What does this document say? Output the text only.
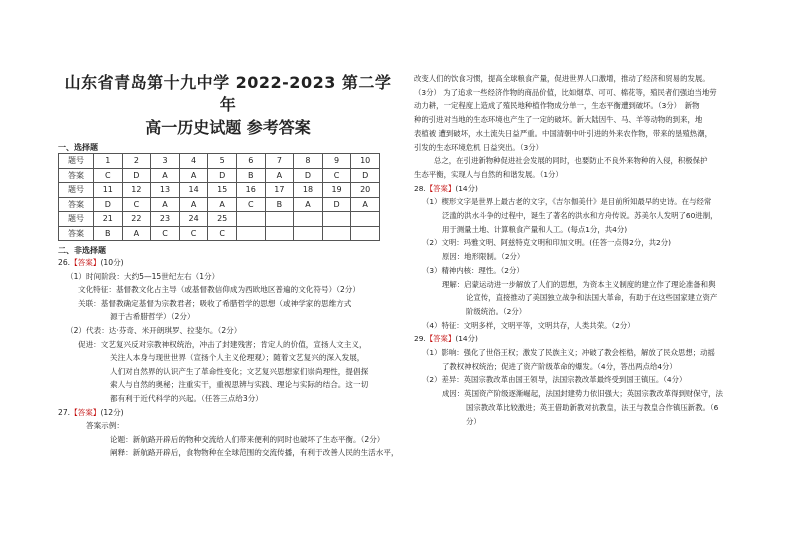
山东省青岛第十九中学 2022-2023 第二学年
高一历史试题 参考答案
一、选择题
题号	1	2	3	4	5	6	7	8	9	10
答案	C	D	A	A	D	B	A	D	C	D
题号	11	12	13	14	15	16	17	18	19	20
答案	D	C	A	A	A	C	B	A	D	A
题号	21	22	23	24	25					
答案	B	A	C	C	C					
二、非选择题
26.【答案】(10分)
（1）时间阶段：大约5—15世纪左右（1分）
文化特征：基督教文化占主导（或基督教信仰成为西欧地区普遍的文化符号）（2分）
关联：基督教确定基督为宗教君者；吸收了希腊哲学的思想（或神学家的思维方式
源于古希腊哲学）（2分）
（2）代表：达·芬奇、米开朗琪罗、拉斐尔。（2分）
促进：文艺复兴反对宗教神权统治，冲击了封建残害；肯定人的价值，宣扬人文主义，
关注人本身与现世世界（宣扬个人主义伦理观）；随着文艺复兴的深入发展，
人们对自然界的认识产生了革命性变化；文艺复兴思想家们崇尚理性，提倡探
索人与自然的奥秘；注重实干，重视思辨与实践、理论与实际的结合。这一切
都有利于近代科学的兴起。（任答三点给3分）
27.【答案】(12分)
答案示例：
论题：新航路开辟后的物种交流给人们带来便利的同时也破坏了生态平衡。（2分）
阐释：新航路开辟后，食物物种在全球范围的交流传播，有利于改善人民的生活水平，
改变人们的饮食习惯，提高全球粮食产量，促进世界人口激增，推动了经济和贸易的发展。
（3分） 为了追求一些经济作物的商品价值，比如烟草、可可、棉花等，殖民者们强迫当地劳
动力耕，一定程度上造成了殖民地种植作物成分单一，生态平衡遭到破坏。（3分）　新物
种的引进对当地的生态环境也产生了一定的破坏。新大陆因牛、马、羊等动物的到来，地
表植被 遭到破坏，水土流失日益严重。中国清朝中叶引进的外来农作物，带来的垦殖热潮，
引发的生态环境危机 日益突出。（3分）
总之，在引进新物种促进社会发展的同时，也要防止不良外来物种的入侵，积极保护
生态平衡，实现人与自然的和谐发展。（1分）
28.【答案】(14分)
（1）楔形文字是世界上最古老的文字，《吉尔伽美什》是目前所知最早的史诗。在与经常
泛滥的洪水斗争的过程中，诞生了著名的洪水和方舟传说。苏美尔人发明了60进制，
用于测量土地、计算粮食产量和人工。(每点1分，共4分)
（2）文明：玛雅文明、阿兹特克文明和印加文明。(任答一点得2分，共2分)
原因：地形限制。（2分）
（3）精神内核：理性。（2分）
理解：启蒙运动进一步解放了人们的思想，为资本主义制度的建立作了理论准备和舆
论宣传，直接推动了美国独立战争和法国大革命，有助于在这些国家建立资产
阶级统治。（2分）
（4）特征：文明多样，文明平等，文明共存，人类共荣。（2分）
29.【答案】(14分)
（1）影响：强化了世俗王权；激发了民族主义；冲破了教会桎梏，解放了民众思想；动摇
了教权神权统治；促进了资产阶级革命的爆发。（4分，答出两点给4分）
（2）差异：英国宗教改革由国王领导，法国宗教改革最终受到国王镇压。（4分）
成因：英国资产阶级逐渐崛起，法国封建势力依旧强大；英国宗教改革得到财保守，法
国宗教改革比较激进；英王借助新教对抗教皇，法王与教皇合作镇压新教。（6
分）
